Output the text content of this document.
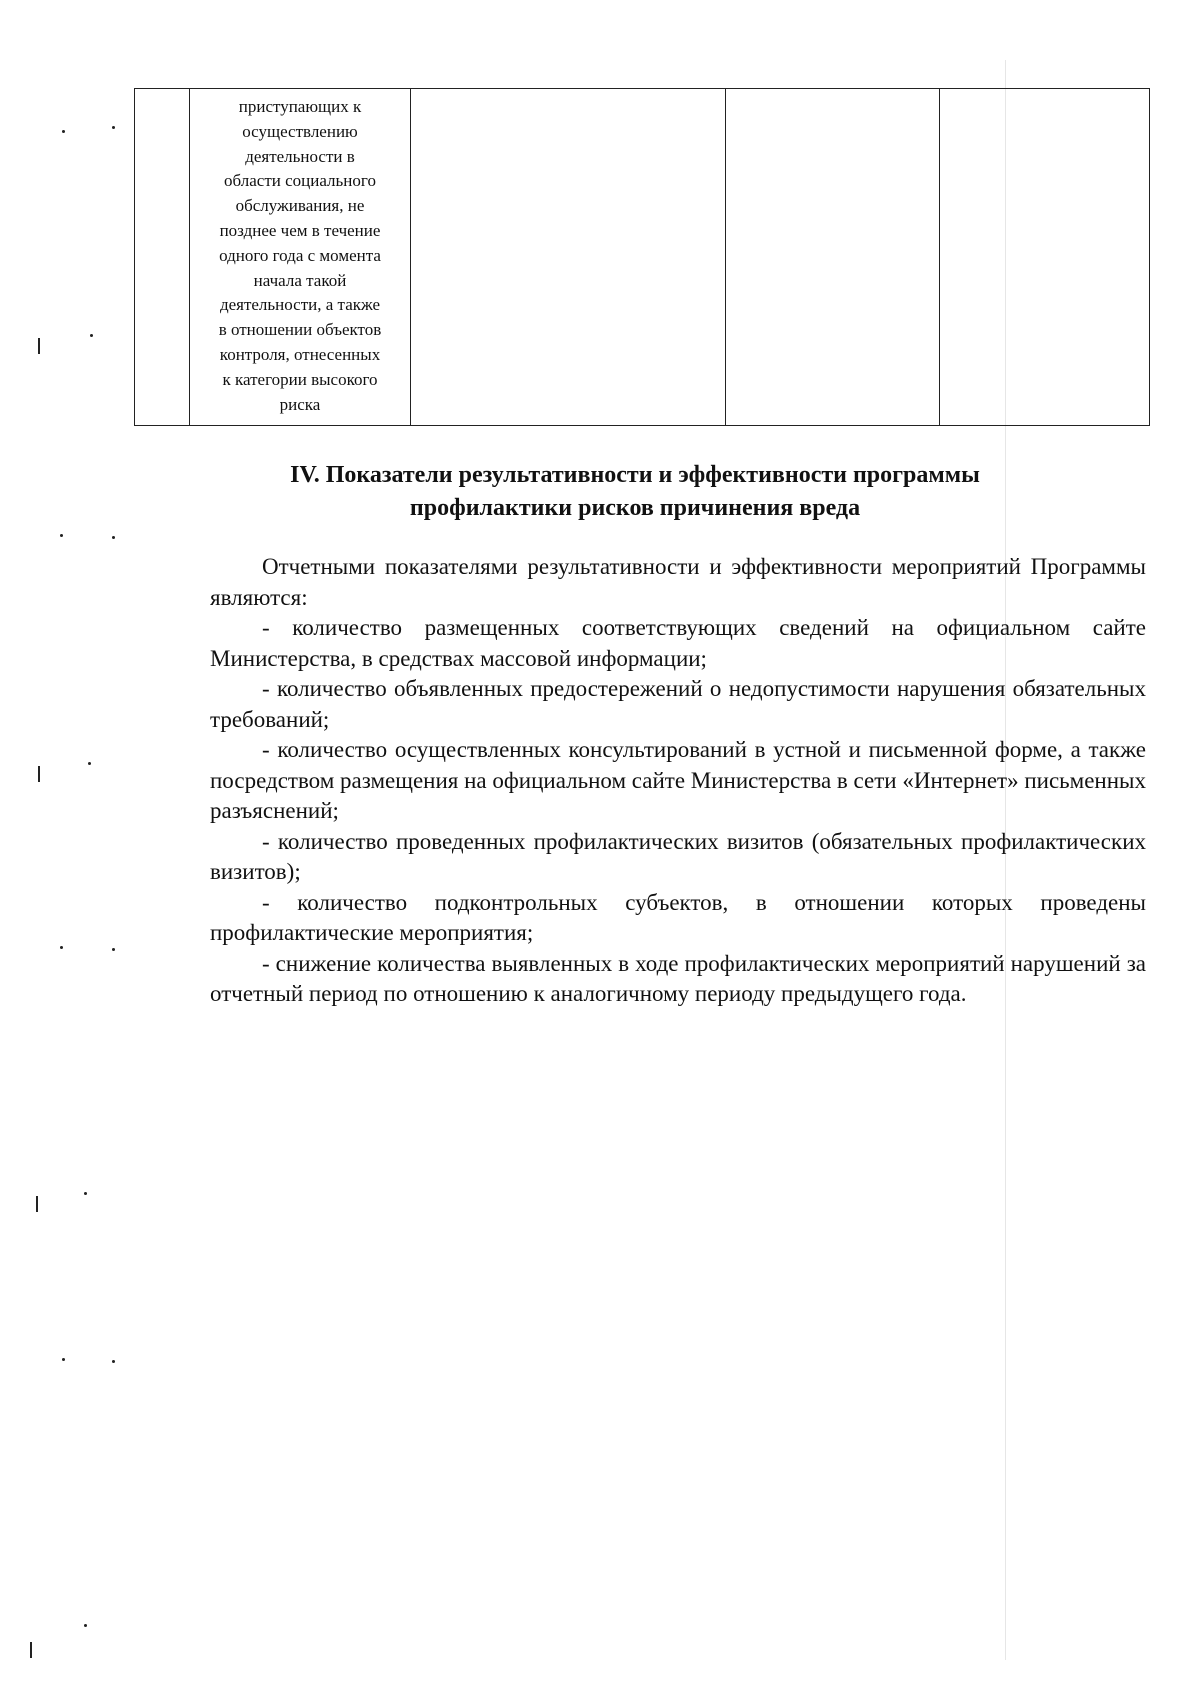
приступающих к
осуществлению
деятельности в
области социального
обслуживания, не
позднее чем в течение
одного года с момента
начала такой
деятельности, а также
в отношении объектов
контроля, отнесенных
к категории высокого
риска

IV. Показатели результативности и эффективности программы
профилактики рисков причинения вреда

Отчетными показателями результативности и эффективности мероприятий Программы являются:

- количество размещенных соответствующих сведений на официальном сайте Министерства, в средствах массовой информации;

- количество объявленных предостережений о недопустимости нарушения обязательных требований;

- количество осуществленных консультирований в устной и письменной форме, а также посредством размещения на официальном сайте Министерства в сети «Интернет» письменных разъяснений;

- количество проведенных профилактических визитов (обязательных профилактических визитов);

- количество подконтрольных субъектов, в отношении которых проведены профилактические мероприятия;

- снижение количества выявленных в ходе профилактических мероприятий нарушений за отчетный период по отношению к аналогичному периоду предыдущего года.
